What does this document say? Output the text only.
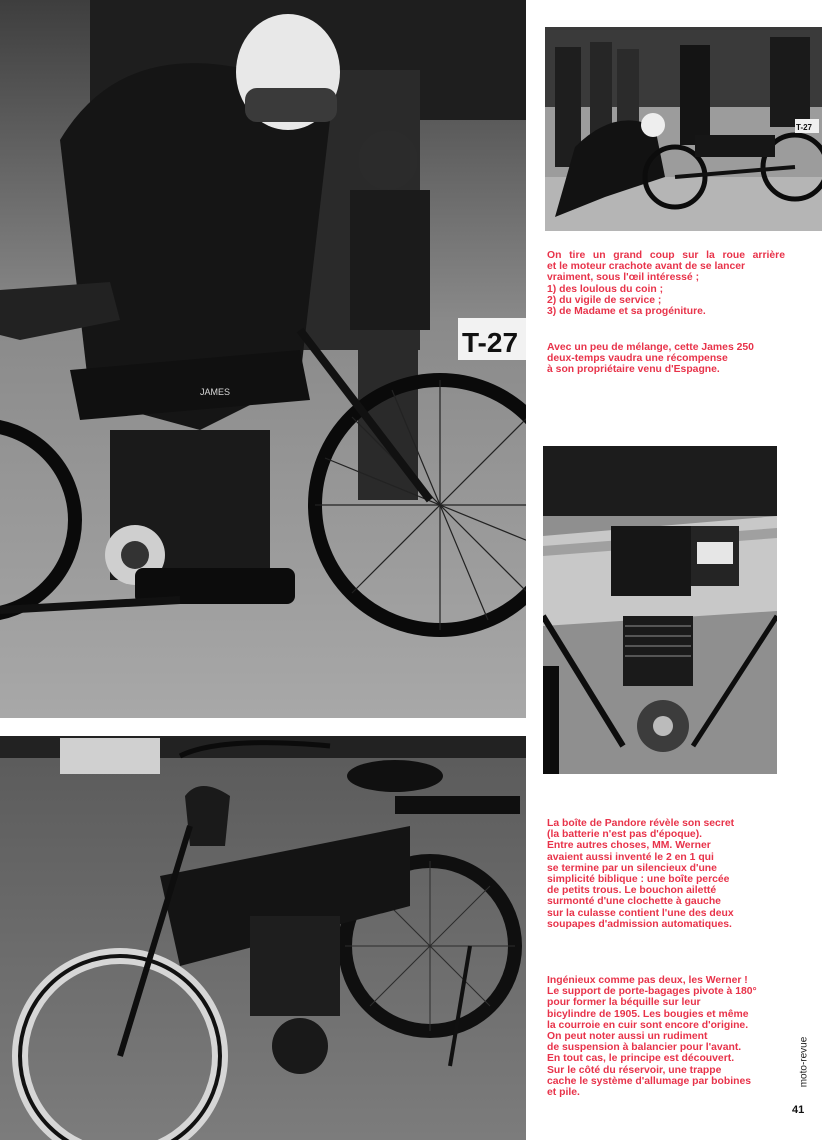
T-27
JAMES
T-27
On tire un grand coup sur la roue arrière
et le moteur crachote avant de se lancer
vraiment, sous l'œil intéressé ;
1) des loulous du coin ;
2) du vigile de service ;
3) de Madame et sa progéniture.
Avec un peu de mélange, cette James 250
deux-temps vaudra une récompense
à son propriétaire venu d'Espagne.
La boîte de Pandore révèle son secret
(la batterie n'est pas d'époque).
Entre autres choses, MM. Werner
avaient aussi inventé le 2 en 1 qui
se termine par un silencieux d'une
simplicité biblique : une boîte percée
de petits trous. Le bouchon ailetté
surmonté d'une clochette à gauche
sur la culasse contient l'une des deux
soupapes d'admission automatiques.
Ingénieux comme pas deux, les Werner !
Le support de porte-bagages pivote à 180°
pour former la béquille sur leur
bicylindre de 1905. Les bougies et même
la courroie en cuir sont encore d'origine.
On peut noter aussi un rudiment
de suspension à balancier pour l'avant.
En tout cas, le principe est découvert.
Sur le côté du réservoir, une trappe
cache le système d'allumage par bobines
et pile.
moto-revue
41
